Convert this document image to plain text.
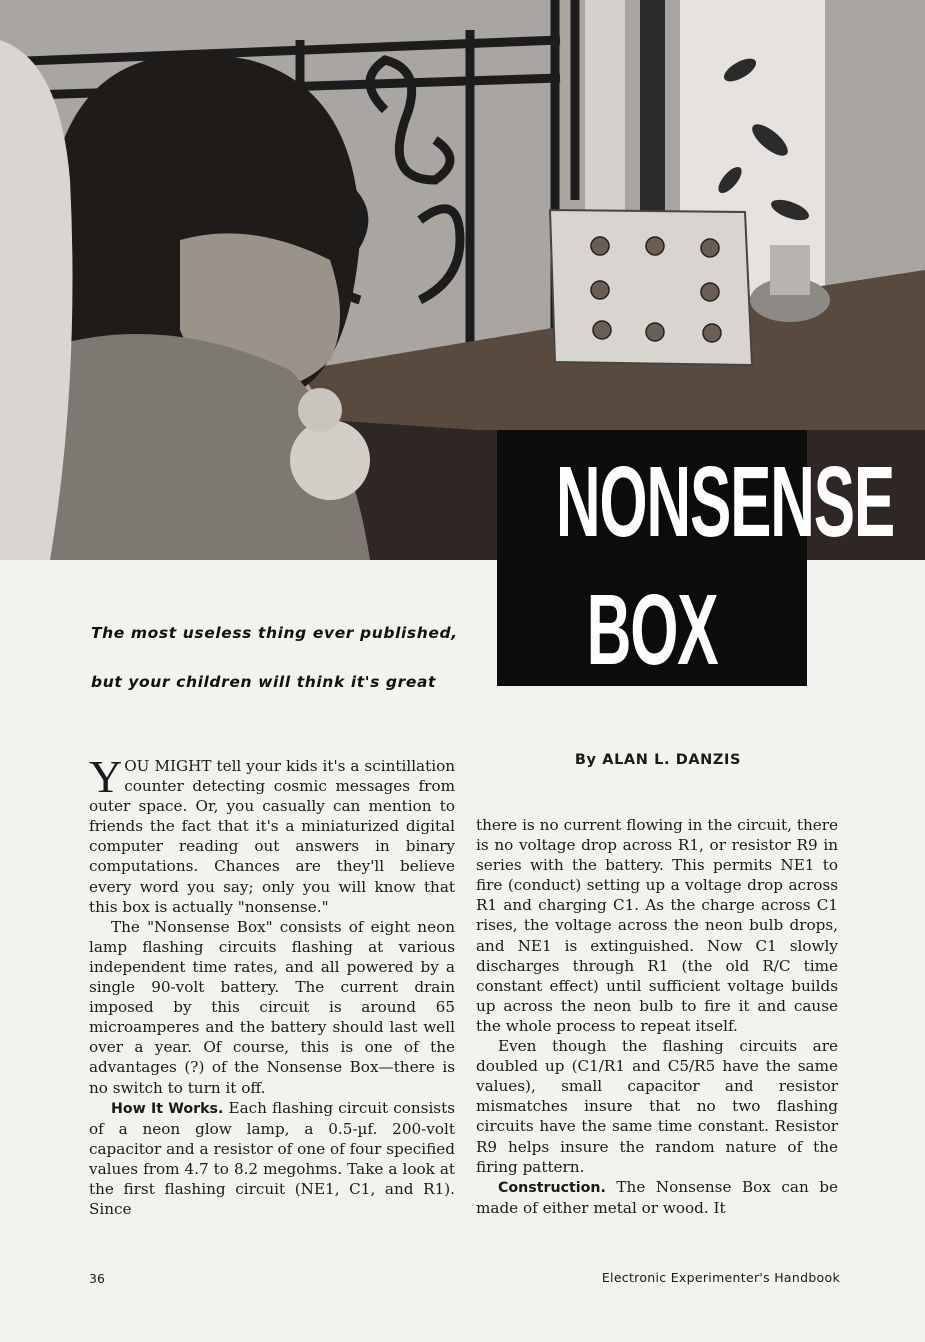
NONSENSE
BOX
The most useless thing ever published,
but your children will think it's great
By ALAN L. DANZIS

YOU MIGHT tell your kids it's a scintillation counter detecting cosmic messages from outer space. Or, you casually can mention to friends the fact that it's a miniaturized digital computer reading out answers in binary computations. Chances are they'll believe every word you say; only you will know that this box is actually "nonsense."

The "Nonsense Box" consists of eight neon lamp flashing circuits flashing at various independent time rates, and all powered by a single 90-volt battery. The current drain imposed by this circuit is around 65 microamperes and the battery should last well over a year. Of course, this is one of the advantages (?) of the Nonsense Box—there is no switch to turn it off.

How It Works. Each flashing circuit consists of a neon glow lamp, a 0.5-µf. 200-volt capacitor and a resistor of one of four specified values from 4.7 to 8.2 megohms. Take a look at the first flashing circuit (NE1, C1, and R1). Since

there is no current flowing in the circuit, there is no voltage drop across R1, or resistor R9 in series with the battery. This permits NE1 to fire (conduct) setting up a voltage drop across R1 and charging C1. As the charge across C1 rises, the voltage across the neon bulb drops, and NE1 is extinguished. Now C1 slowly discharges through R1 (the old R/C time constant effect) until sufficient voltage builds up across the neon bulb to fire it and cause the whole process to repeat itself.

Even though the flashing circuits are doubled up (C1/R1 and C5/R5 have the same values), small capacitor and resistor mismatches insure that no two flashing circuits have the same time constant. Resistor R9 helps insure the random nature of the firing pattern.

Construction. The Nonsense Box can be made of either metal or wood. It

36	Electronic Experimenter's Handbook
